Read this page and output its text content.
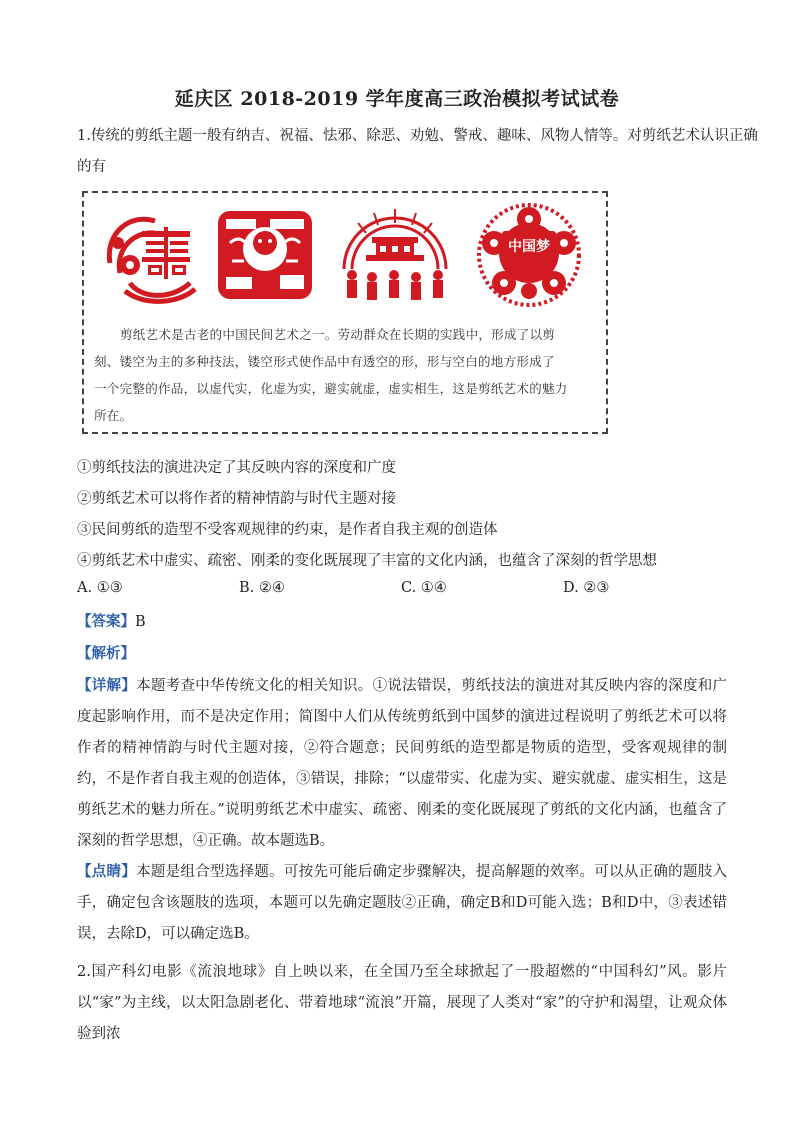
延庆区 2018-2019 学年度高三政治模拟考试试卷
1.传统的剪纸主题一般有纳吉、祝福、怯邪、除恶、劝勉、警戒、趣味、风物人情等。对剪纸艺术认识正确
的有
中国梦
剪纸艺术是古老的中国民间艺术之一。劳动群众在长期的实践中，形成了以剪
刻、镂空为主的多种技法，镂空形式使作品中有透空的形，形与空白的地方形成了
一个完整的作品，以虚代实，化虚为实，避实就虚，虚实相生，这是剪纸艺术的魅力
所在。
①剪纸技法的演进决定了其反映内容的深度和广度
②剪纸艺术可以将作者的精神情韵与时代主题对接
③民间剪纸的造型不受客观规律的约束，是作者自我主观的创造体
④剪纸艺术中虚实、疏密、刚柔的变化既展现了丰富的文化内涵，也蕴含了深刻的哲学思想
A. ①③	B. ②④	C. ①④	D. ②③
【答案】B
【解析】
【详解】本题考查中华传统文化的相关知识。①说法错误，剪纸技法的演进对其反映内容的深度和广度起影响作用，而不是决定作用；简图中人们从传统剪纸到中国梦的演进过程说明了剪纸艺术可以将作者的精神情韵与时代主题对接，②符合题意；民间剪纸的造型都是物质的造型，受客观规律的制约，不是作者自我主观的创造体，③错误，排除；“以虚带实、化虚为实、避实就虚、虚实相生，这是剪纸艺术的魅力所在。”说明剪纸艺术中虚实、疏密、刚柔的变化既展现了剪纸的文化内涵，也蕴含了深刻的哲学思想，④正确。故本题选B。
【点睛】本题是组合型选择题。可按先可能后确定步骤解决，提高解题的效率。可以从正确的题肢入手，确定包含该题肢的选项，本题可以先确定题肢②正确，确定B和D可能入选；B和D中，③表述错误，去除D，可以确定选B。
2.国产科幻电影《流浪地球》自上映以来，在全国乃至全球掀起了一股超燃的“中国科幻”风。影片以“家”为主线，以太阳急剧老化、带着地球“流浪”开篇，展现了人类对“家”的守护和渴望，让观众体验到浓
